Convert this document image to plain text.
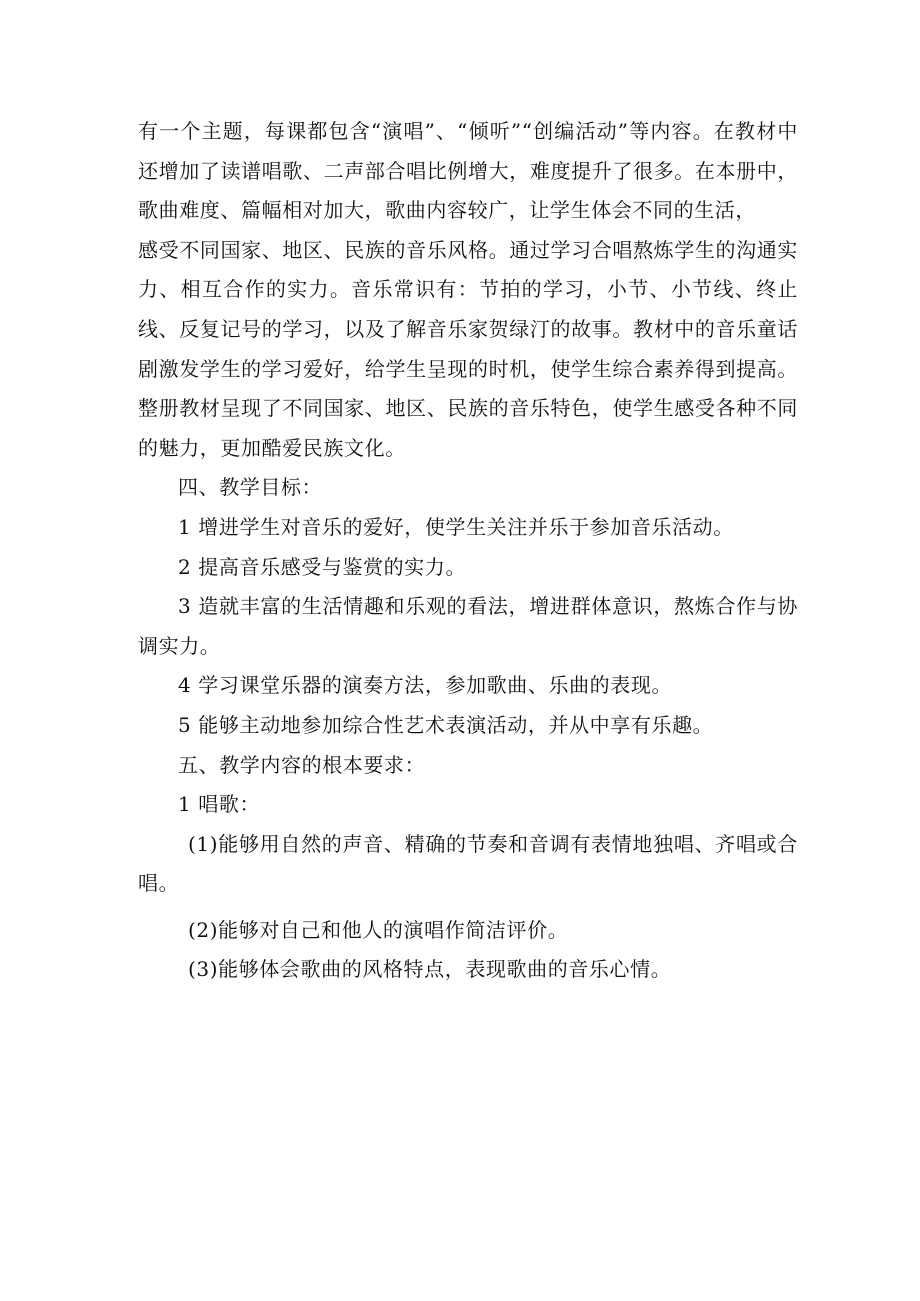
有一个主题，每课都包含“演唱”、“倾听”“创编活动”等内容。在教材中还增加了读谱唱歌、二声部合唱比例增大，难度提升了很多。在本册中，歌曲难度、篇幅相对加大，歌曲内容较广，让学生体会不同的生活，
感受不同国家、地区、民族的音乐风格。通过学习合唱熬炼学生的沟通实力、相互合作的实力。音乐常识有：节拍的学习，小节、小节线、终止线、反复记号的学习，以及了解音乐家贺绿汀的故事。教材中的音乐童话剧激发学生的学习爱好，给学生呈现的时机，使学生综合素养得到提高。整册教材呈现了不同国家、地区、民族的音乐特色，使学生感受各种不同的魅力，更加酷爱民族文化。

四、教学目标：

1 增进学生对音乐的爱好，使学生关注并乐于参加音乐活动。

2 提高音乐感受与鉴赏的实力。

3 造就丰富的生活情趣和乐观的看法，增进群体意识，熬炼合作与协调实力。

4 学习课堂乐器的演奏方法，参加歌曲、乐曲的表现。

5 能够主动地参加综合性艺术表演活动，并从中享有乐趣。

五、教学内容的根本要求：

1 唱歌：

(1)能够用自然的声音、精确的节奏和音调有表情地独唱、齐唱或合唱。

(2)能够对自己和他人的演唱作简洁评价。

(3)能够体会歌曲的风格特点，表现歌曲的音乐心情。
